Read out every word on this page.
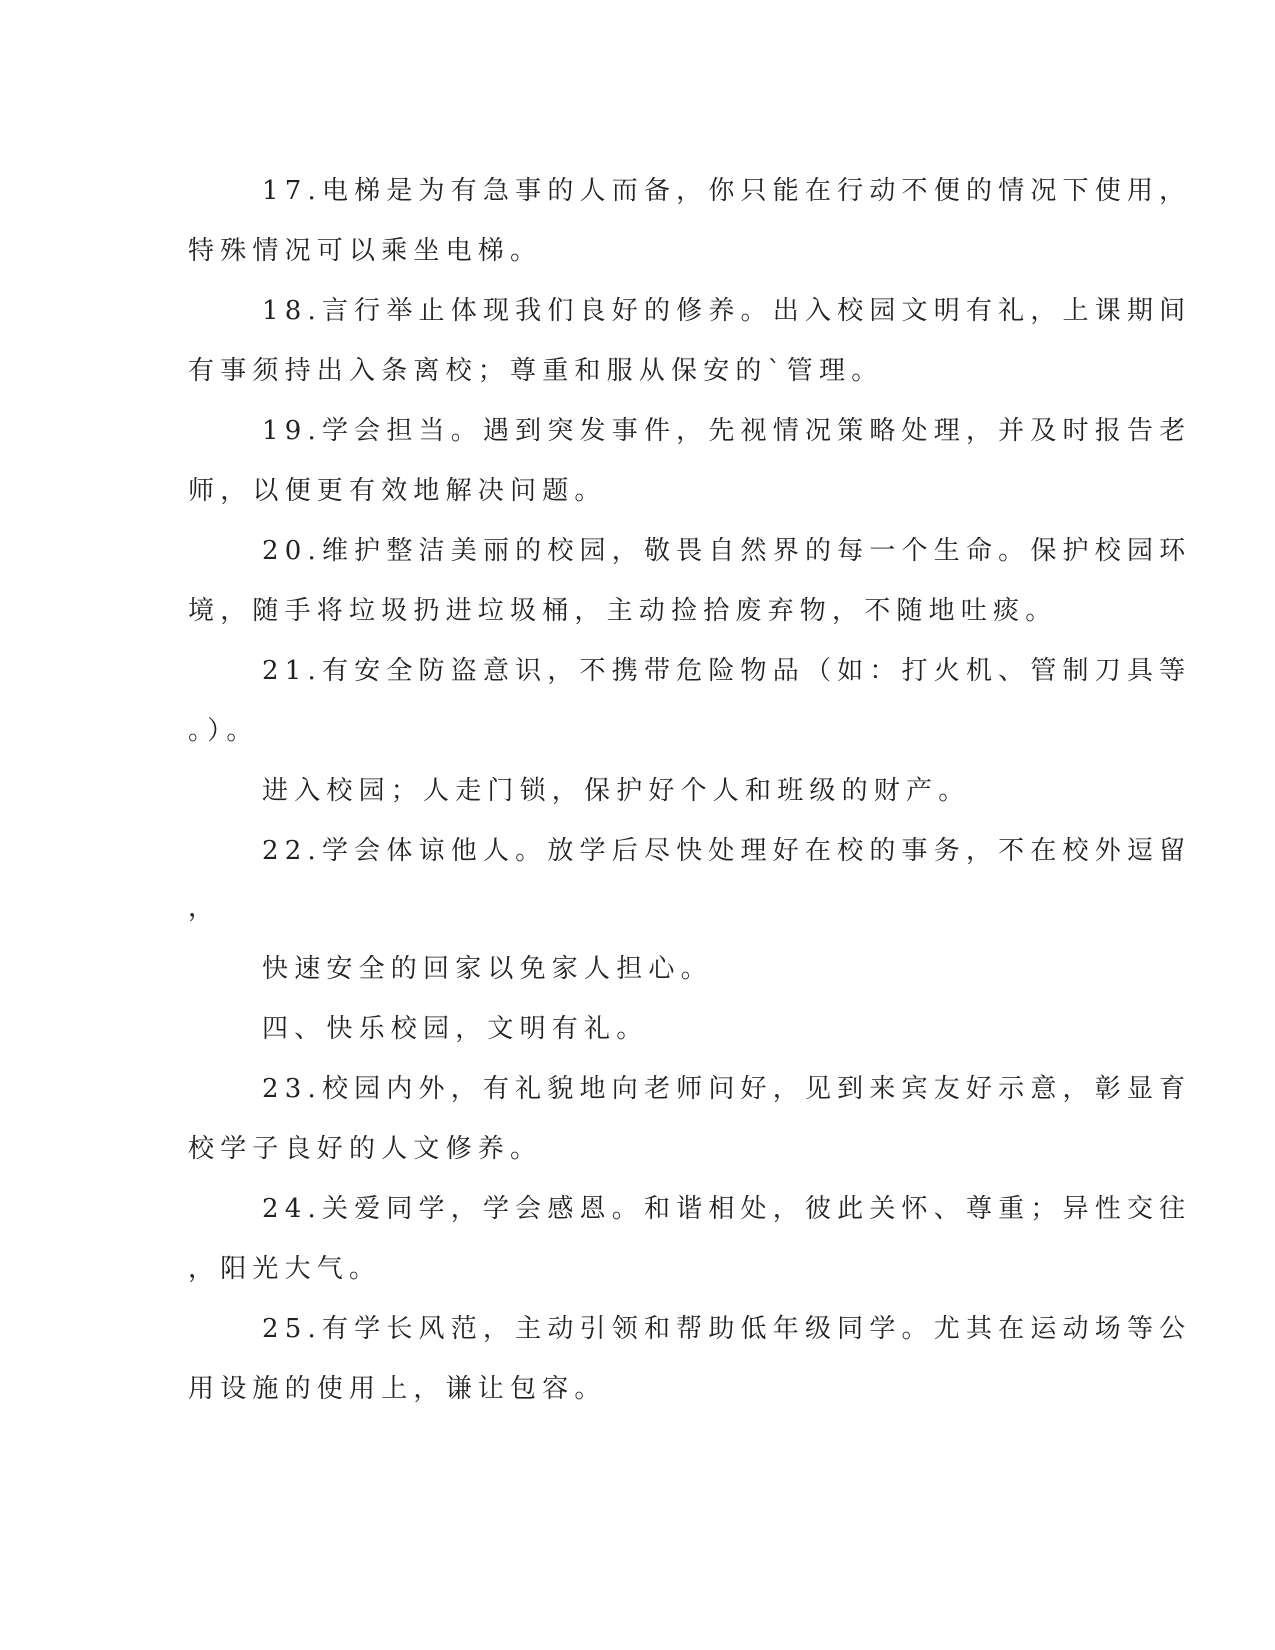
17.电梯是为有急事的人而备，你只能在行动不便的情况下使用，
特殊情况可以乘坐电梯。
18.言行举止体现我们良好的修养。出入校园文明有礼，上课期间
有事须持出入条离校；尊重和服从保安的`管理。
19.学会担当。遇到突发事件，先视情况策略处理，并及时报告老
师，以便更有效地解决问题。
20.维护整洁美丽的校园，敬畏自然界的每一个生命。保护校园环
境，随手将垃圾扔进垃圾桶，主动捡拾废弃物，不随地吐痰。
21.有安全防盗意识，不携带危险物品（如：打火机、管制刀具等
。）。
进入校园；人走门锁，保护好个人和班级的财产。
22.学会体谅他人。放学后尽快处理好在校的事务，不在校外逗留
，
快速安全的回家以免家人担心。
四、快乐校园，文明有礼。
23.校园内外，有礼貌地向老师问好，见到来宾友好示意，彰显育
校学子良好的人文修养。
24.关爱同学，学会感恩。和谐相处，彼此关怀、尊重；异性交往
，阳光大气。
25.有学长风范，主动引领和帮助低年级同学。尤其在运动场等公
用设施的使用上，谦让包容。
